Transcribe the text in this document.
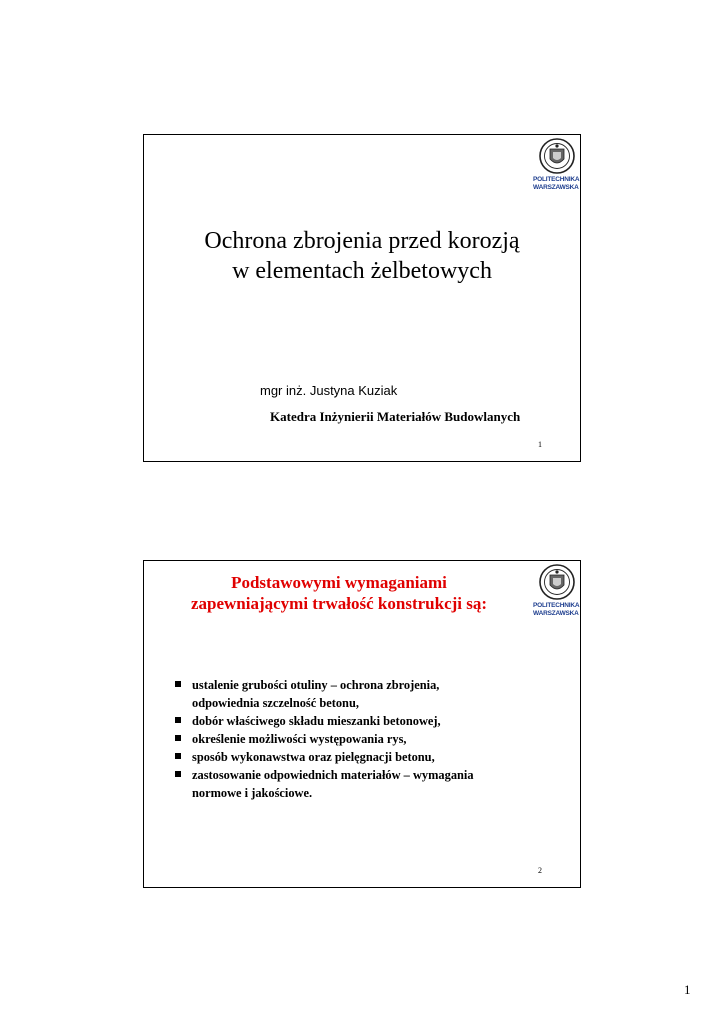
POLITECHNIKA
WARSZAWSKA
Ochrona zbrojenia przed korozją
w elementach żelbetowych
mgr inż. Justyna Kuziak
Katedra Inżynierii Materiałów Budowlanych
1
POLITECHNIKA
WARSZAWSKA
Podstawowymi wymaganiami
zapewniającymi trwałość konstrukcji są:
ustalenie grubości otuliny – ochrona zbrojenia,
odpowiednia szczelność betonu,
dobór właściwego składu mieszanki betonowej,
określenie możliwości występowania rys,
sposób wykonawstwa oraz pielęgnacji betonu,
zastosowanie odpowiednich materiałów – wymagania
normowe i jakościowe.
2
1
